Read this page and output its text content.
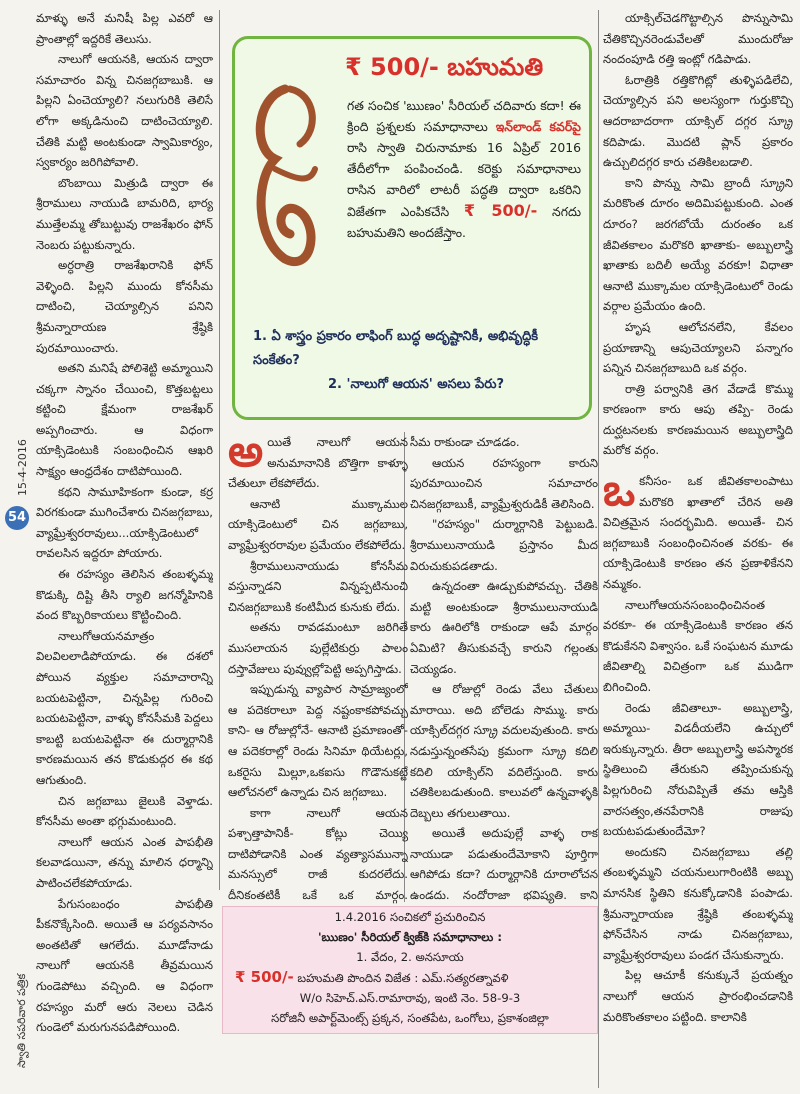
స్వాతి సపరివార పత్రిక
15-4-2016
54

మాళ్ళు అనే మనిషీ పిల్ల ఎవరో ఆ ప్రాంతాల్లో ఇద్దరికే తెలుసు.

నాలుగో ఆయనకి, ఆయన ద్వారా సమాచారం విన్న చినజగ్గబాబుకి. ఆ పిల్లని ఏంచెయ్యాలి? నలుగురికి తెలిసే లోగా అక్కడినుంచి దాటించెయ్యాలి. చేతికి మట్టి అంటకుండా స్వామికార్యం, స్వకార్యం జరిగిపోవాలి.

బొంబాయి మిత్రుడి ద్వారా ఈ శ్రీరాములు నాయుడి బామరిది, భార్య ముత్తేలమ్మ తోబుట్టువు రాజశేఖరం ఫోన్ నెంబరు పట్టుకున్నారు.

అర్ధరాత్రి రాజశేఖరానికి ఫోన్ వెళ్ళింది. పిల్లని ముందు కోనసీమ దాటించి, చెయ్యాల్సిన పనిని శ్రీమన్నారాయణ శ్రేష్ఠికి పురమాయించారు.

అతని మనిషే పోలిశెట్టి అమ్మాయిని చక్కగా స్నానం చేయించి, కొత్తబట్టలు కట్టించి క్షేమంగా రాజశేఖర్ అప్పగించారు. ఆ విధంగా యాక్సిడెంటుకి సంబంధించిన ఆఖరి సాక్ష్యం ఆంధ్రదేశం దాటిపోయింది.

కథని సామూహికంగా కుండా, కర్ర విరగకుండా ముగించేశారు చినజగ్గబాబు, వ్యాఘ్రేశ్వరరావులు...యాక్సిడెంటులో రావలసిన ఇద్దరూ పోయారు.

ఈ రహస్యం తెలిసిన తంబళ్ళమ్మ కొడుక్కి దిష్టి తీసి ర్యాలి జగన్మోహినికి వంద కొబ్బరికాయలు కొట్టించింది.

నాలుగోఆయనమాత్రం విలవిలలాడిపోయాడు. ఈ దశలో పోయిన వ్యక్తుల సమాచారాన్ని బయటపెట్టినా, చిన్నపిల్ల గురించి బయటపెట్టినా, వాళ్ళు కోనసీమకి పెద్దలు కాబట్టి బయటపెట్టినా ఈ దుర్మార్గానికి కారణమయిన తన కొడుకుద్గర ఈ కథ ఆగుతుంది.

చిన జగ్గబాబు జైలుకి వెళ్తాడు. కోనసీమ అంతా భగ్గుమంటుంది.

నాలుగో ఆయన ఎంత పాపభీతి కలవాడయినా, తన్ను మాలిన ధర్మాన్ని పాటించలేకపోయాడు.

పేగుసంబంధం పాపభీతి పీకనొక్కేసింది. అయితే ఆ పర్యవసానం అంతటితో ఆగలేదు. మూడోనాడు నాలుగో ఆయనకి తీవ్రమయిన గుండెపోటు వచ్చింది. ఆ విధంగా రహస్యం మరో ఆరు నెలలు చెడిన గుండెలో మరుగునపడిపోయింది.

ఋణం	₹ 500/- బహుమతి
గత సంచిక 'ఋణం' సీరియల్ చదివారు కదా! ఈ క్రింది ప్రశ్నలకు సమాధానాలు ఇన్‌లాండ్ కవర్‌పై రాసి స్వాతి చిరునామాకు 16 ఏప్రిల్ 2016 తేదీలోగా పంపించండి. కరెక్టు సమాధానాలు రాసిన వారిలో లాటరీ పద్ధతి ద్వారా ఒకరిని విజేతగా ఎంపికచేసి ₹ 500/- నగదు బహుమతిని అందజేస్తాం.
1. ఏ శాస్త్రం ప్రకారం లాఫింగ్ బుద్ధ అదృష్టానికీ, అభివృద్ధికీ సంకేతం?
2. 'నాలుగో ఆయన' అసలు పేరు?

అయితే నాలుగో ఆయన అనుమానానికి బొత్తిగా కాళ్ళూ చేతులూ లేకపోలేదు.

ఆనాటి ముక్కాముల యాక్సిడెంటులో చిన జగ్గబాబు, వ్యాఘ్రేశ్వరరావుల ప్రమేయం లేకపోలేదు.

శ్రీరాములునాయుడు కోనసీమ వస్తున్నాడని విన్నప్పటినుంచి చినజగ్గబాబుకి కంటిమీద కునుకు లేదు.

అతను రావడమంటూ జరిగితే ముసలాయన పుల్లేటికుర్రు పాలం దస్తావేజులు పువ్వుల్లోపెట్టి అప్పగిస్తాడు.

ఇప్పుడున్న వ్యాపార సామ్రాజ్యంలో ఆ పదెకరాలూ పెద్ద నష్టంకాకపోవచ్చు కాని- ఆ రోజుల్లోనే- ఆనాటి ప్రమాణంతో- ఆ పదెకరాల్లో రెండు సినిమా థియేటర్లు, ఒకరైసు మిల్లూ,ఒకఐసు గొడౌనుకట్టే ఆలోచనలో ఉన్నాడు చిన జగ్గబాబు.

కాగా నాలుగో ఆయన పశ్చాత్తాపానికీ- కోట్లు చెయ్యి దాటిపోడానికి ఎంత వ్యత్యాసమున్నా మనస్సులో రాజీ కుదరలేదు. దీనికంతటికీ ఒకే ఒక మార్గం.

సీమ రాకుండా చూడడం.

ఆయన రహస్యంగా కారుని పురమాయించిన సమాచారం చినజగ్గబాబుకీ, వ్యాఘ్రేశ్వరుడికీ తెలిసింది.

"రహస్యం" దుర్మార్గానికి పెట్టుబడి. శ్రీరాములునాయుడి ప్రస్తానం మీద విరుచుకుపడతాడు.

ఉన్నదంతా ఊడ్చుకుపోవచ్చు. చేతికి మట్టి అంటకుండా శ్రీరాములునాయుడి కారు ఊరిలోకి రాకుండా ఆపే మార్గం ఏమిటి? తీసుకువచ్చే కారుని గల్లంతు చెయ్యడం.

ఆ రోజుల్లో రెండు వేలు చేతులు మారాయి. అది బోలెడు సొమ్ము. కారు యాక్సిల్‌దగ్గర స్క్రూ వదులవుతుంది. కారు నడుస్తున్నంతసేపు క్రమంగా స్క్రూ కదిలి కదిలి యాక్సిల్‌ని వదిలేస్తుంది. కారు చతికిలబడుతుంది. కాలువలో ఉన్నవాళ్ళకి దెబ్బలు తగులుతాయి.

అయితే అదుపుల్లే వాళ్ళ రాక నాయుడా పడుతుందేమోకాని పూర్తిగా ఆగిపోడు కదా? దుర్మార్గానికి దూరాలోచన ఉండదు. నందోరాజా భవిష్యతి. కాని

యాక్సిల్‌చెడగొట్టాల్సిన పొన్నుసామి చేతికొచ్చినరెండువేలతో ముందురోజు నందంపూడి రత్తి ఇంట్లో గడిపాడు.

ఓరాత్రికి రత్తికొగిట్లో తుళ్ళిపడిలేచి, చెయ్యాల్సిన పని అలస్యంగా గుర్తుకొచ్చి ఆదరాబాదరాగా యాక్సిల్ దగ్గర స్క్రూ కదిపాడు. మొదటి ప్లాన్ ప్రకారం ఉచ్చులిదగ్గర కారు చతికిలబడాలి.

కాని పొన్ను సామి బ్రాందీ స్క్రూని మరికొంత దూరం అదిమిపట్టుకుంది. ఎంత దూరం? జరగబోయే దురంతం ఒక జీవితకాలం మరొకరి ఖాతాకు- అబ్బులాస్త్రి ఖాతాకు బదిలీ అయ్యే వరకూ! విధాతా ఆనాటి ముక్కామల యాక్సిడెంటులో రెండు వర్గాల ప్రమేయం ఉంది.

హృష ఆలోచనలేని, కేవలం ప్రయాణాన్ని ఆపుచెయ్యాలని పన్నాగం పన్నిన చినజగ్గబాబుది ఒక వర్గం.

రాత్రి పర్వానికి తెగ వేడాడే కొమ్ము కారణంగా కారు ఆపు తప్పి- రెండు దుర్ఘటనలకు కారణమయిన అబ్బులాస్త్రిది మరోక వర్గం.

ఒకనీసం- ఒక జీవితకాలంపాటు మరొకరి ఖాతాలో చేరిన అతి విచిత్రమైన సందర్భమిది. అయితే- చిన జగ్గబాబుకి సంబంధించినంత వరకు- ఈ యాక్సిడెంటుకి కారణం తన ప్రణాళికేనని నమ్మకం.

నాలుగోఆయనసంబంధించినంత వరకూ- ఈ యాక్సిడెంటుకి కారణం తన కొడుకేనని విశ్వాసం. ఒకే సంఘటన మూడు జీవితాల్ని విచిత్రంగా ఒక ముడిగా బిగించింది.

రెండు జీవితాలూ- అబ్బులాస్త్రి, అమ్మాయి- విడదీయలేని ఉచ్చులో ఇరుక్కున్నారు. తీరా అబ్బులాస్త్రి అపస్మారక స్థితిలుంచి తేరుకుని తప్పించుకున్న పిల్లగురించి నోరువిప్పితే తమ ఆస్తికి వారసత్వం,తనపేరానికి రాజుపు బయటపడుతుందేమో?

అందుకని చినజగ్గబాబు తల్లి తంబళ్ళమ్మని చయనులుగారింటికి అబ్బు మానసిక స్థితిని కనుక్కోడానికి పంపాడు. శ్రీమన్నారాయణ శ్రేష్ఠికి తంబళ్ళమ్మ ఫోన్‌చేసిన నాడు చినజగ్గబాబు, వ్యాఘ్రేశ్వరరావులు పండగ చేసుకున్నారు.

పిల్ల ఆచూకీ కనుక్కునే ప్రయత్నం నాలుగో ఆయన ప్రారంభించడానికి మరికొంతకాలం పట్టింది. కాలానికి

1.4.2016 సంచికలో ప్రచురించిన
'ఋణం' సీరియల్ క్విజ్‌కి సమాధానాలు :
1. వేదం, 2. అనసూయ
₹ 500/- బహుమతి పొందిన విజేత : ఎమ్.సత్యరత్నావళి
W/o సిహెచ్.ఎస్.రామారావు, ఇంటి నెం. 58-9-3
సరోజినీ అపార్ట్‌మెంట్స్ ప్రక్కన, సంతపేట, ఒంగోలు, ప్రకాశంజిల్లా
